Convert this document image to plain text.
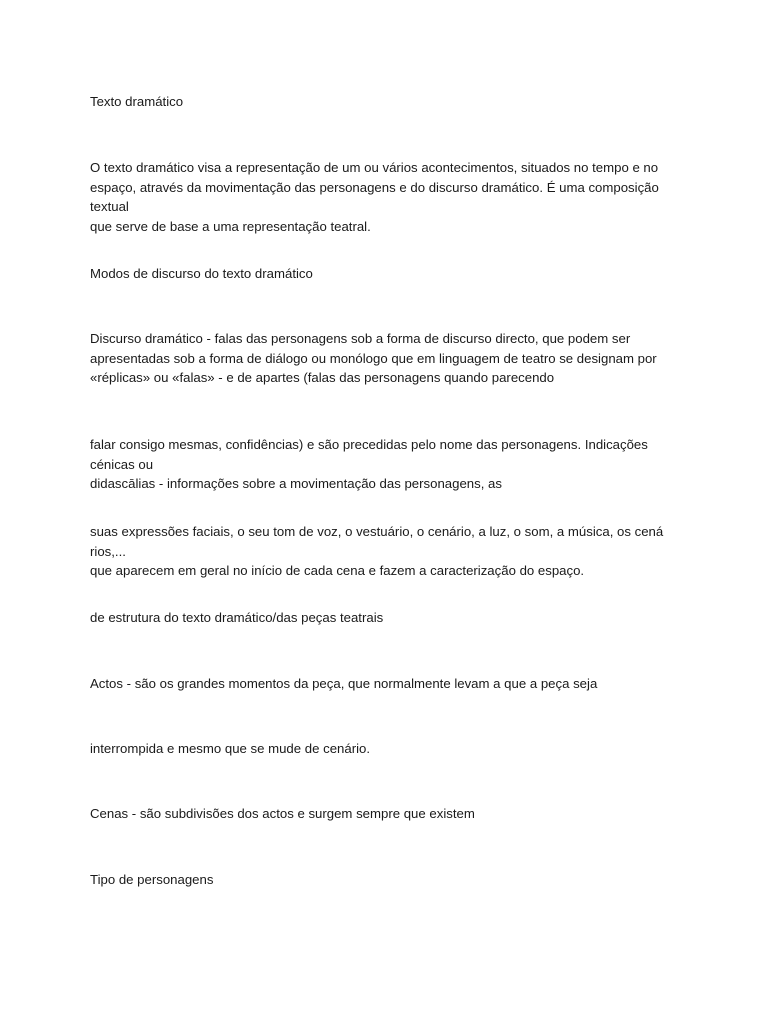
Texto dramático

O texto dramático visa a representação de um ou vários acontecimentos, situados no tempo e no
espaço, através da movimentação das personagens e do discurso dramático. É uma composição textual
que serve de base a uma representação teatral.

Modos de discurso do texto dramático

Discurso dramático - falas das personagens sob a forma de discurso directo, que podem ser
apresentadas sob a forma de diálogo ou monólogo que em linguagem de teatro se designam por
«réplicas» ou «falas» - e de apartes (falas das personagens quando parecendo

falar consigo mesmas, confidências) e são precedidas pelo nome das personagens. Indicações cénicas ou
didascālias - informações sobre a movimentação das personagens, as

suas expressões faciais, o seu tom de voz, o vestuário, o cenário, a luz, o som, a música, os cená rios,...
que aparecem em geral no início de cada cena e fazem a caracterização do espaço.

de estrutura do texto dramático/das peças teatrais

Actos - são os grandes momentos da peça, que normalmente levam a que a peça seja

interrompida e mesmo que se mude de cenário.

Cenas - são subdivisões dos actos e surgem sempre que existem

Tipo de personagens
